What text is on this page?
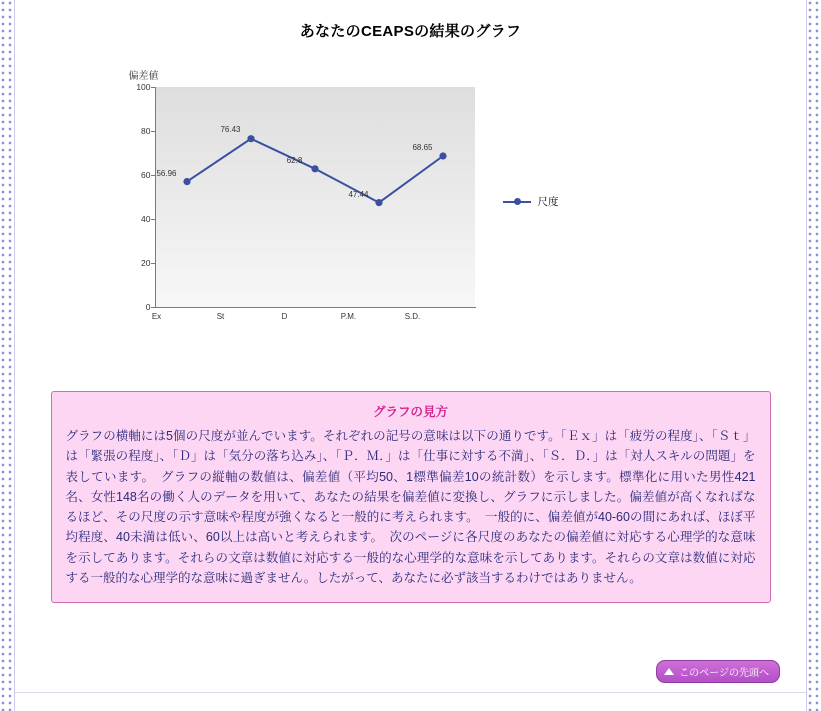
あなたのCEAPSの結果のグラフ
偏差値
100
80
60
40
20
0
Ex	St	D	P.M.	S.D.
56.96
76.43
62.8
47.44
68.65
尺度
グラフの見方
グラフの横軸には5個の尺度が並んでいます。それぞれの記号の意味は以下の通りです。「Ｅｘ」は「疲労の程度」、「Ｓｔ」は「緊張の程度」、「Ｄ」は「気分の落ち込み」、「Ｐ．Ｍ．」は「仕事に対する不満」、「Ｓ．Ｄ．」は「対人スキルの問題」を表しています。　グラフの縦軸の数値は、偏差値（平均50、1標準偏差10の統計数）を示します。標準化に用いた男性421名、女性148名の働く人のデータを用いて、あなたの結果を偏差値に変換し、グラフに示しました。偏差値が高くなればなるほど、その尺度の示す意味や程度が強くなると一般的に考えられます。　一般的に、偏差値が40-60の間にあれば、ほぼ平均程度、40未満は低い、60以上は高いと考えられます。　次のページに各尺度のあなたの偏差値に対応する心理学的な意味を示してあります。それらの文章は数値に対応する一般的な心理学的な意味を示してあります。それらの文章は数値に対応する一般的な心理学的な意味に過ぎません。したがって、あなたに必ず該当するわけではありません。
このページの先頭へ
